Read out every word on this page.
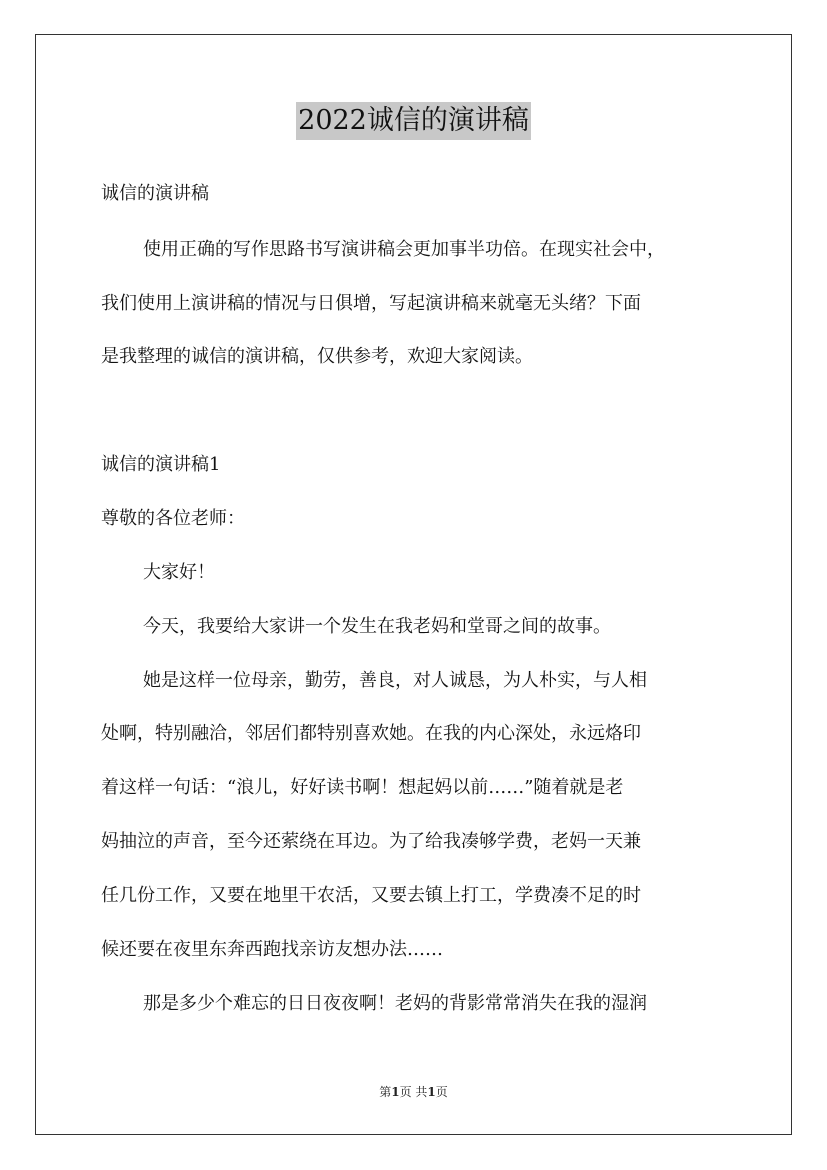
2022诚信的演讲稿
诚信的演讲稿
使用正确的写作思路书写演讲稿会更加事半功倍。在现实社会中，
我们使用上演讲稿的情况与日俱增，写起演讲稿来就毫无头绪？下面
是我整理的诚信的演讲稿，仅供参考，欢迎大家阅读。
诚信的演讲稿1
尊敬的各位老师：
大家好！
今天，我要给大家讲一个发生在我老妈和堂哥之间的故事。
她是这样一位母亲，勤劳，善良，对人诚恳，为人朴实，与人相
处啊，特别融洽，邻居们都特别喜欢她。在我的内心深处，永远烙印
着这样一句话：“浪儿，好好读书啊！想起妈以前……”随着就是老
妈抽泣的声音，至今还萦绕在耳边。为了给我凑够学费，老妈一天兼
任几份工作，又要在地里干农活，又要去镇上打工，学费凑不足的时
候还要在夜里东奔西跑找亲访友想办法……
那是多少个难忘的日日夜夜啊！老妈的背影常常消失在我的湿润
第1页 共1页
